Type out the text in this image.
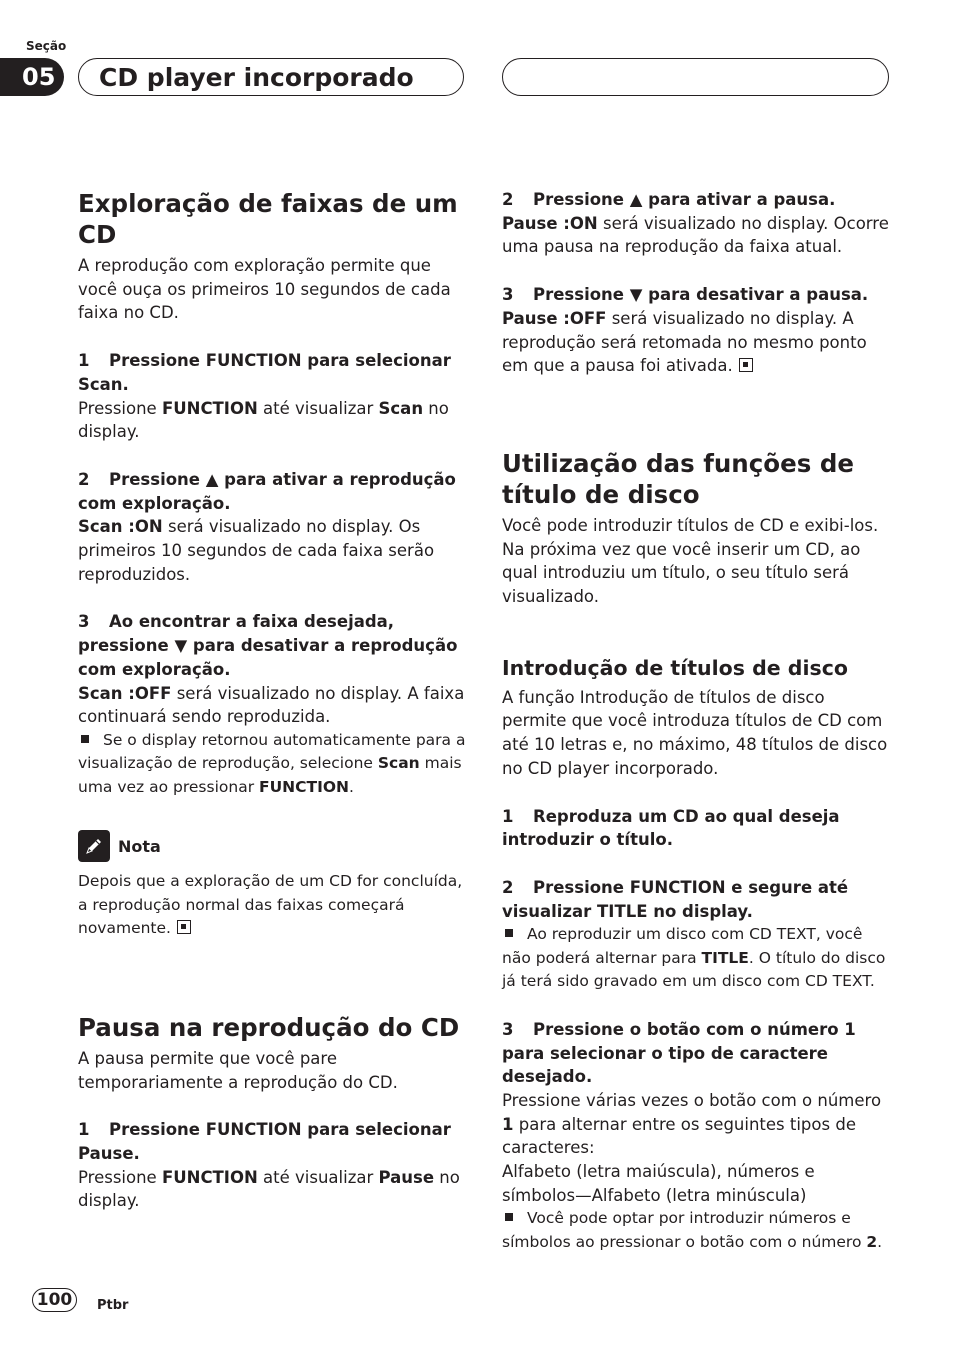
Seção
05	CD player incorporado
Exploração de faixas de um CD

A reprodução com exploração permite que você ouça os primeiros 10 segundos de cada faixa no CD.

1 Pressione FUNCTION para selecionar Scan.

Pressione FUNCTION até visualizar Scan no display.

2 Pressione ▲ para ativar a reprodução com exploração.

Scan :ON será visualizado no display. Os primeiros 10 segundos de cada faixa serão reproduzidos.

3 Ao encontrar a faixa desejada, pressione ▼ para desativar a reprodução com exploração.

Scan :OFF será visualizado no display. A faixa continuará sendo reproduzida.

Se o display retornou automaticamente para a visualização de reprodução, selecione Scan mais uma vez ao pressionar FUNCTION.

Nota

Depois que a exploração de um CD for concluída, a reprodução normal das faixas começará novamente.

Pausa na reprodução do CD

A pausa permite que você pare temporariamente a reprodução do CD.

1 Pressione FUNCTION para selecionar Pause.

Pressione FUNCTION até visualizar Pause no display.

2 Pressione ▲ para ativar a pausa.

Pause :ON será visualizado no display. Ocorre uma pausa na reprodução da faixa atual.

3 Pressione ▼ para desativar a pausa.

Pause :OFF será visualizado no display. A reprodução será retomada no mesmo ponto em que a pausa foi ativada.

Utilização das funções de título de disco

Você pode introduzir títulos de CD e exibi-los. Na próxima vez que você inserir um CD, ao qual introduziu um título, o seu título será visualizado.

Introdução de títulos de disco

A função Introdução de títulos de disco permite que você introduza títulos de CD com até 10 letras e, no máximo, 48 títulos de disco no CD player incorporado.

1 Reproduza um CD ao qual deseja introduzir o título.

2 Pressione FUNCTION e segure até visualizar TITLE no display.

Ao reproduzir um disco com CD TEXT, você não poderá alternar para TITLE. O título do disco já terá sido gravado em um disco com CD TEXT.

3 Pressione o botão com o número 1 para selecionar o tipo de caractere desejado.

Pressione várias vezes o botão com o número 1 para alternar entre os seguintes tipos de caracteres:

Alfabeto (letra maiúscula), números e símbolos—Alfabeto (letra minúscula)

Você pode optar por introduzir números e símbolos ao pressionar o botão com o número 2.

100	Ptbr
